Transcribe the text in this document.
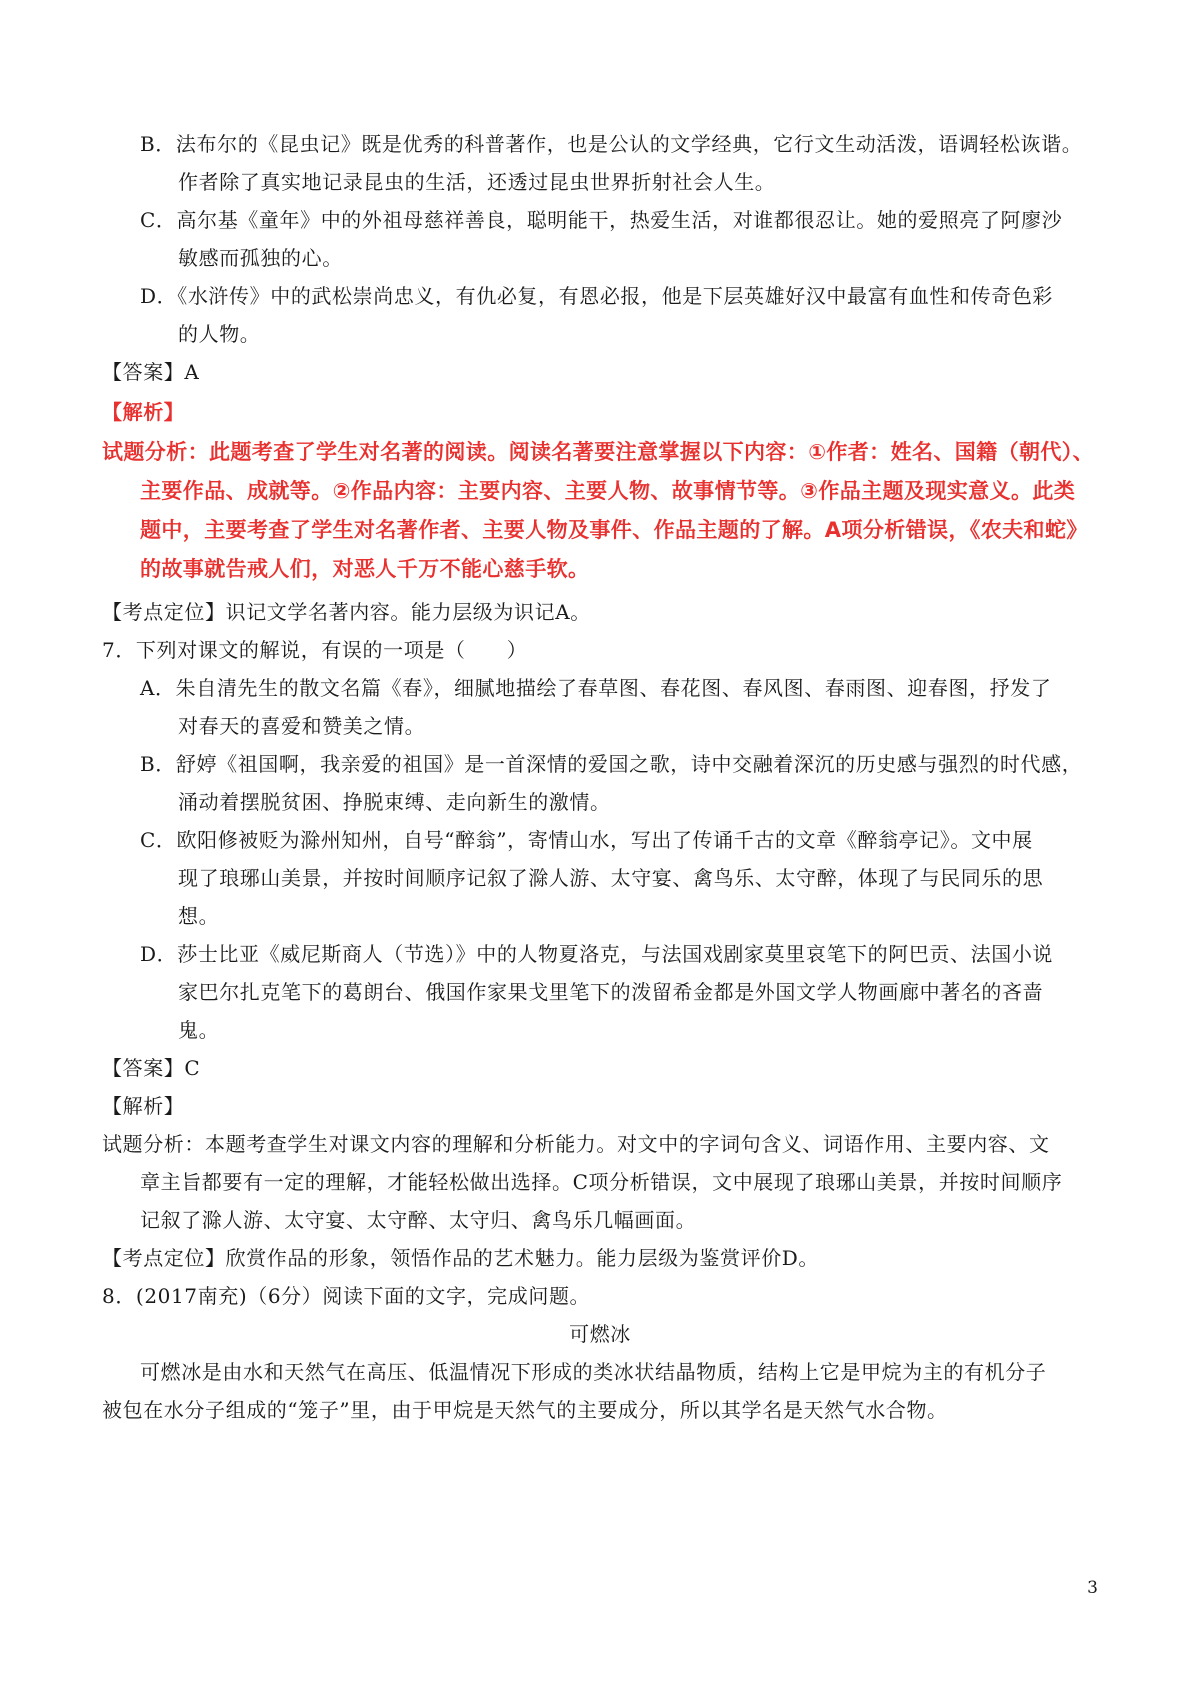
B．法布尔的《昆虫记》既是优秀的科普著作，也是公认的文学经典，它行文生动活泼，语调轻松诙谐。
作者除了真实地记录昆虫的生活，还透过昆虫世界折射社会人生。
C．高尔基《童年》中的外祖母慈祥善良，聪明能干，热爱生活，对谁都很忍让。她的爱照亮了阿廖沙
敏感而孤独的心。
D．《水浒传》中的武松崇尚忠义，有仇必复，有恩必报，他是下层英雄好汉中最富有血性和传奇色彩
的人物。
【答案】A
【解析】
试题分析：此题考查了学生对名著的阅读。阅读名著要注意掌握以下内容：①作者：姓名、国籍（朝代）、
主要作品、成就等。②作品内容：主要内容、主要人物、故事情节等。③作品主题及现实意义。此类
题中，主要考查了学生对名著作者、主要人物及事件、作品主题的了解。A项分析错误，《农夫和蛇》
的故事就告戒人们，对恶人千万不能心慈手软。
【考点定位】识记文学名著内容。能力层级为识记A。
7．下列对课文的解说，有误的一项是（　　）
A．朱自清先生的散文名篇《春》，细腻地描绘了春草图、春花图、春风图、春雨图、迎春图，抒发了
对春天的喜爱和赞美之情。
B．舒婷《祖国啊，我亲爱的祖国》是一首深情的爱国之歌，诗中交融着深沉的历史感与强烈的时代感，
涌动着摆脱贫困、挣脱束缚、走向新生的激情。
C．欧阳修被贬为滁州知州，自号“醉翁”，寄情山水，写出了传诵千古的文章《醉翁亭记》。文中展
现了琅琊山美景，并按时间顺序记叙了滁人游、太守宴、禽鸟乐、太守醉，体现了与民同乐的思
想。
D．莎士比亚《威尼斯商人（节选）》中的人物夏洛克，与法国戏剧家莫里哀笔下的阿巴贡、法国小说
家巴尔扎克笔下的葛朗台、俄国作家果戈里笔下的泼留希金都是外国文学人物画廊中著名的吝啬
鬼。
【答案】C
【解析】
试题分析：本题考查学生对课文内容的理解和分析能力。对文中的字词句含义、词语作用、主要内容、文
章主旨都要有一定的理解，才能轻松做出选择。C项分析错误，文中展现了琅琊山美景，并按时间顺序
记叙了滁人游、太守宴、太守醉、太守归、禽鸟乐几幅画面。
【考点定位】欣赏作品的形象，领悟作品的艺术魅力。能力层级为鉴赏评价D。
8．(2017南充)（6分）阅读下面的文字，完成问题。
可燃冰
可燃冰是由水和天然气在高压、低温情况下形成的类冰状结晶物质，结构上它是甲烷为主的有机分子
被包在水分子组成的“笼子”里，由于甲烷是天然气的主要成分，所以其学名是天然气水合物。
3
